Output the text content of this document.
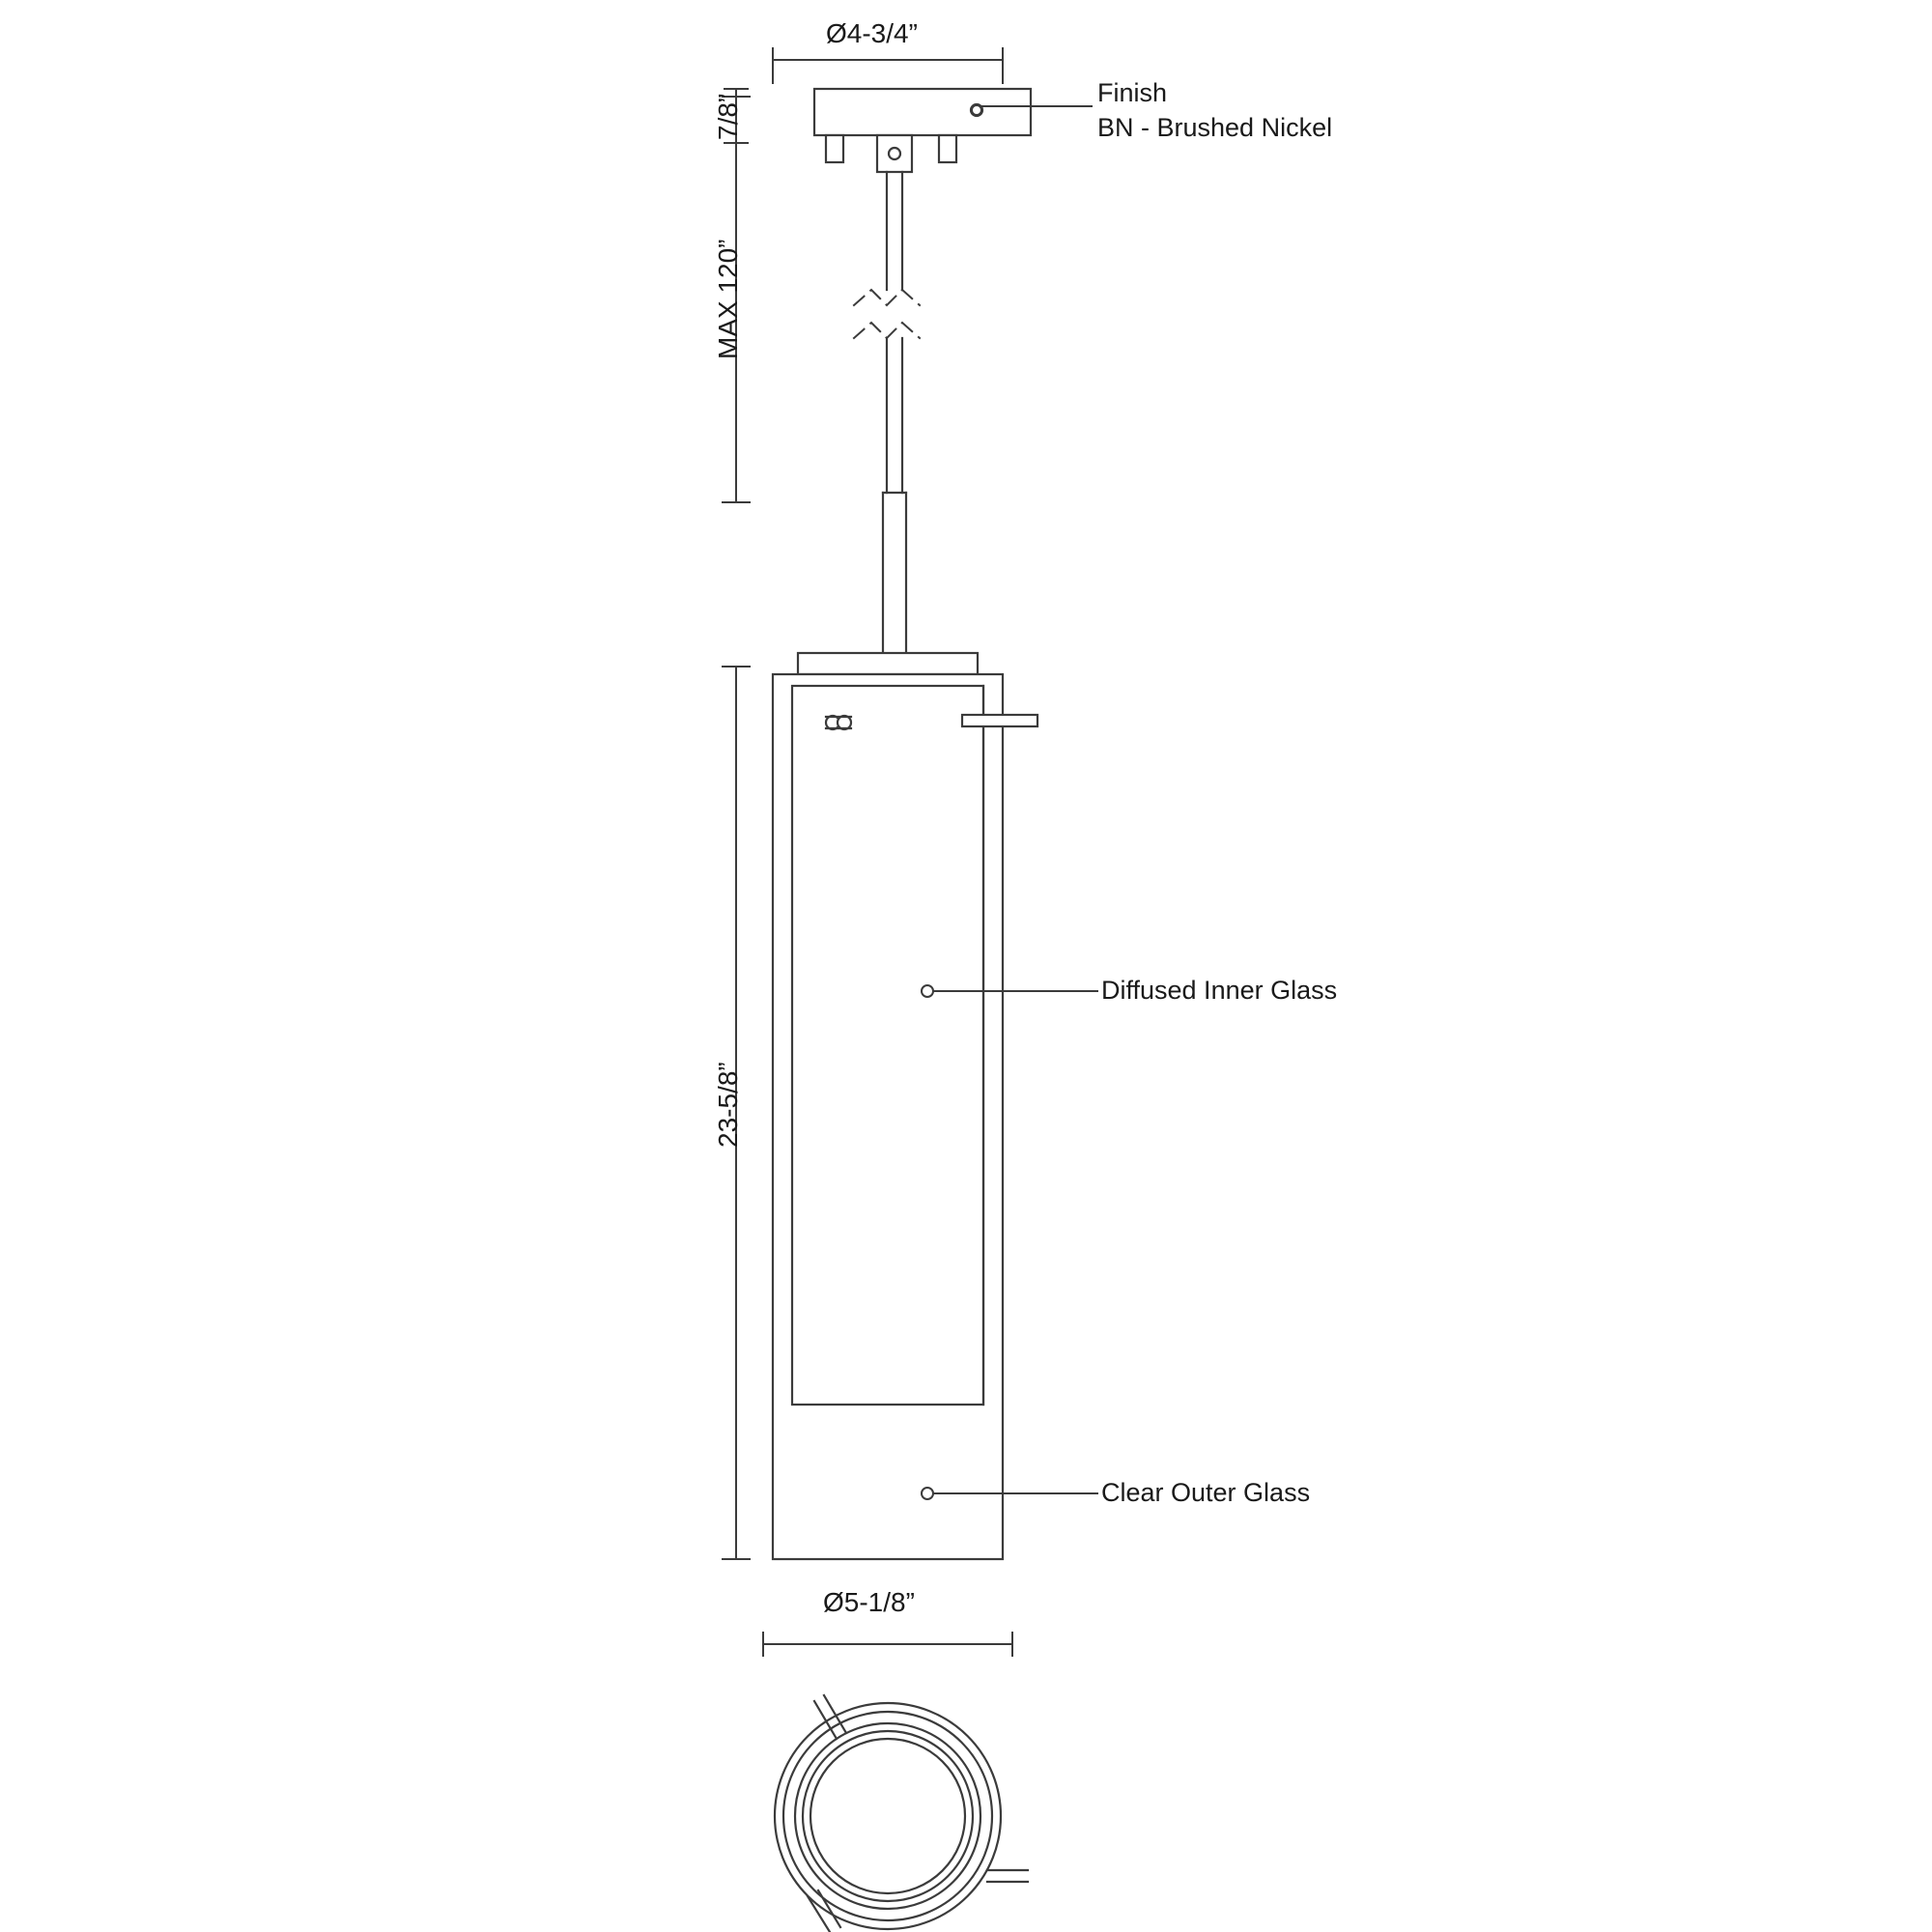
Ø4-3/4”
7/8”
MAX 120”
23-5/8”
Ø5-1/8”
Finish
BN - Brushed Nickel
Diffused Inner Glass
Clear Outer Glass
